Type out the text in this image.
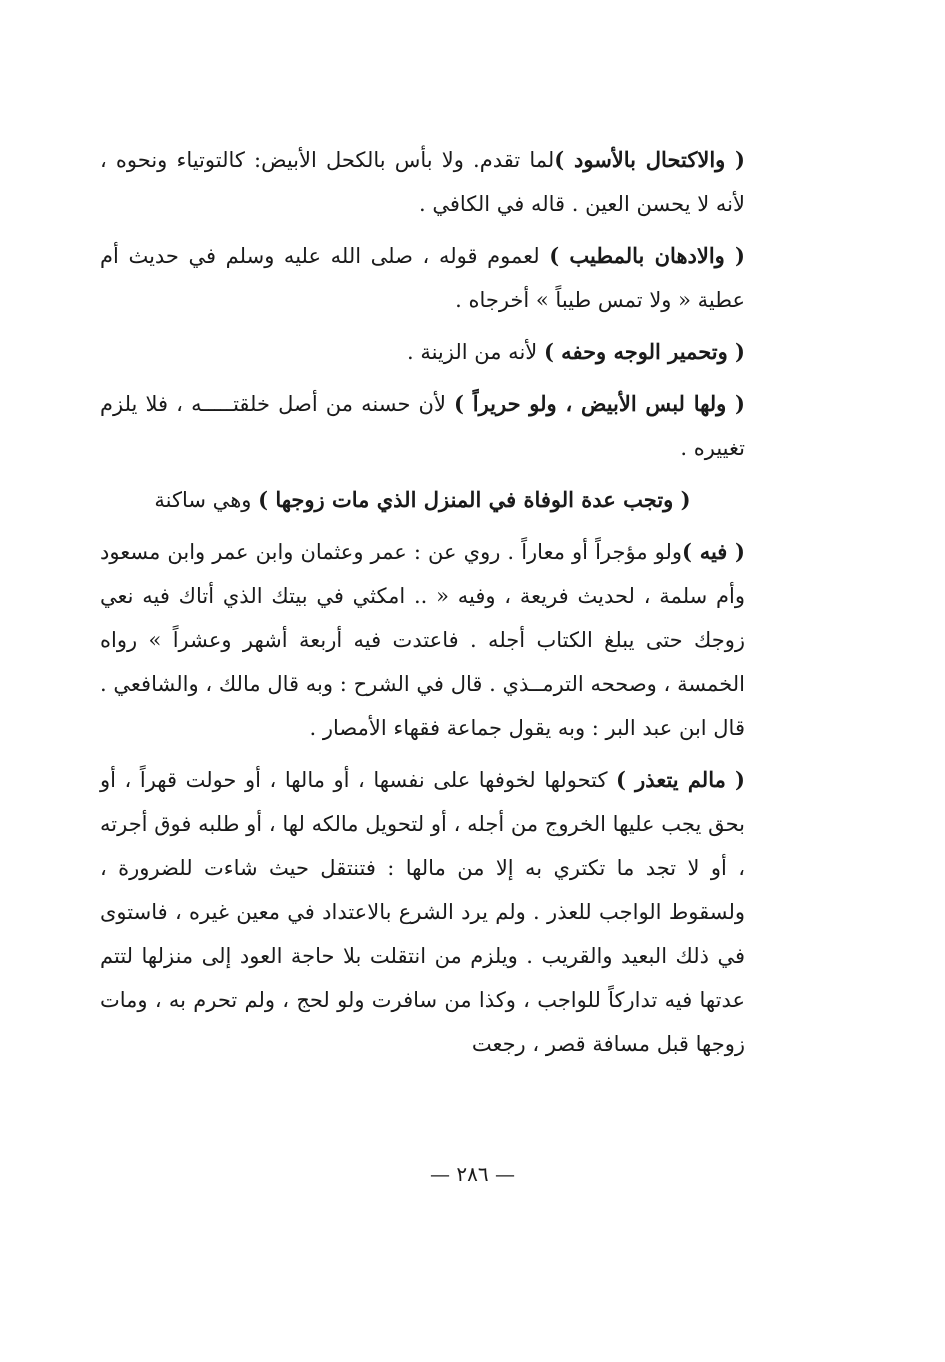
( والاكتحال بالأسود )لما تقدم. ولا بأس بالكحل الأبيض: كالتوتياء ونحوه ، لأنه لا يحسن العين . قاله في الكافي .

( والادهان بالمطيب ) لعموم قوله ، صلى الله عليه وسلم في حديث أم عطية « ولا تمس طيباً » أخرجاه .

( وتحمير الوجه وحفه ) لأنه من الزينة .

( ولها لبس الأبيض ، ولو حريراً ) لأن حسنه من أصل خلقتـــــه ، فلا يلزم تغييره .

( وتجب عدة الوفاة في المنزل الذي مات زوجها ) وهي ساكنة

( فيه )ولو مؤجراً أو معاراً . روي عن : عمر وعثمان وابن عمر وابن مسعود وأم سلمة ، لحديث فريعة ، وفيه « .. امكثي في بيتك الذي أتاك فيه نعي زوجك حتى يبلغ الكتاب أجله . فاعتدت فيه أربعة أشهر وعشراً » رواه الخمسة ، وصححه الترمــذي . قال في الشرح : وبه قال مالك ، والشافعي . قال ابن عبد البر : وبه يقول جماعة فقهاء الأمصار .

( مالم يتعذر ) كتحولها لخوفها على نفسها ، أو مالها ، أو حولت قهراً ، أو بحق يجب عليها الخروج من أجله ، أو لتحويل مالكه لها ، أو طلبه فوق أجرته ، أو لا تجد ما تكتري به إلا من مالها : فتنتقل حيث شاءت للضرورة ، ولسقوط الواجب للعذر . ولم يرد الشرع بالاعتداد في معين غيره ، فاستوى في ذلك البعيد والقريب . ويلزم من انتقلت بلا حاجة العود إلى منزلها لتتم عدتها فيه تداركاً للواجب ، وكذا من سافرت ولو لحج ، ولم تحرم به ، ومات زوجها قبل مسافة قصر ، رجعت

— ٢٨٦ —
